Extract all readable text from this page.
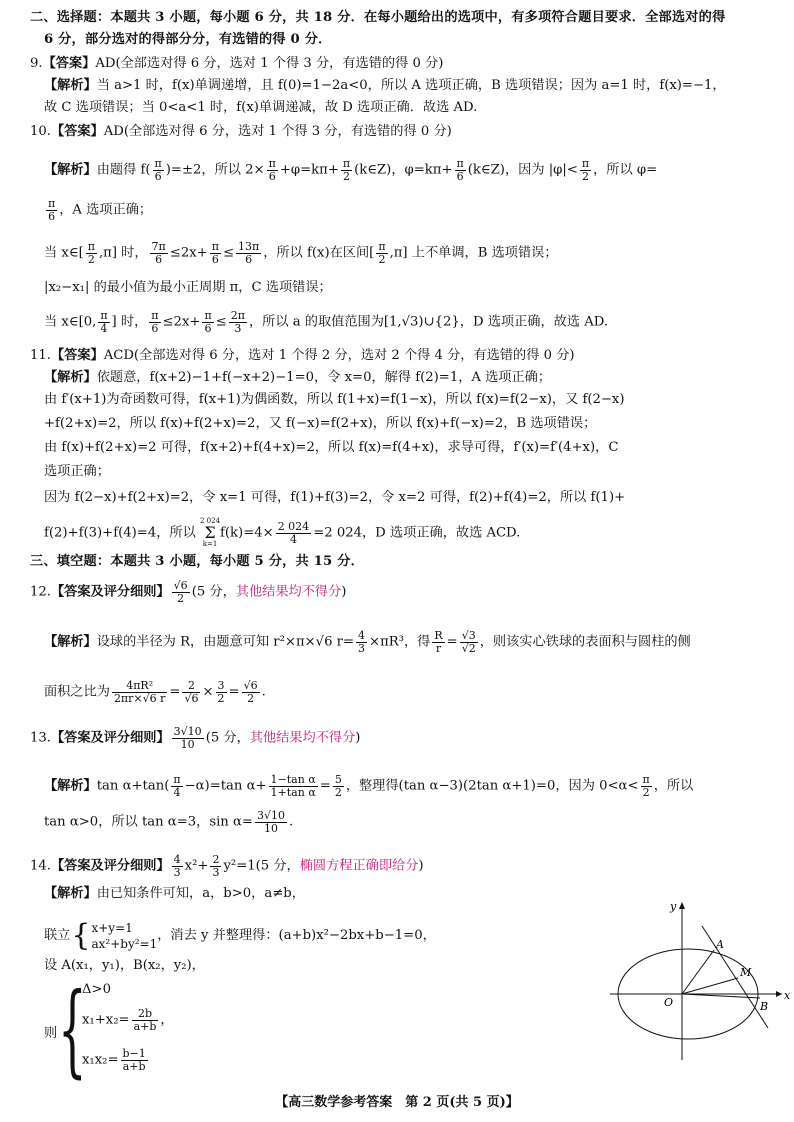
二、选择题：本题共 3 小题，每小题 6 分，共 18 分．在每小题给出的选项中，有多项符合题目要求．全部选对的得
6 分，部分选对的得部分分，有选错的得 0 分．
9.【答案】AD(全部选对得 6 分，选对 1 个得 3 分，有选错的得 0 分)
【解析】当 a>1 时，f(x)单调递增，且 f(0)=1−2a<0，所以 A 选项正确，B 选项错误；因为 a=1 时，f(x)=−1，
故 C 选项错误；当 0<a<1 时，f(x)单调递减，故 D 选项正确．故选 AD.
10.【答案】AD(全部选对得 6 分，选对 1 个得 3 分，有选错的得 0 分)
【解析】由题得 $f( \frac{\pi}{6} )=\pm 2$，所以 $2\times \frac{\pi}{6} +\varphi=k\pi+ \frac{\pi}{2}$ (k∈Z)，$\varphi=k\pi+ \frac{\pi}{6}$ (k∈Z)，因为 $|\varphi|< \frac{\pi}{2}$ ，所以 φ=
$\frac{\pi}{6}$ ，A 选项正确；
当 x∈[ $\frac{\pi}{2} ,\pi$] 时， $\frac{7\pi}{6} \le 2x+ \frac{\pi}{6} \le \frac{13\pi}{6}$ ，所以 f(x)在区间[ $\frac{\pi}{2} ,\pi$] 上不单调，B 选项错误；
|x₂−x₁| 的最小值为最小正周期 π，C 选项错误；
当 x∈[0, $\frac{\pi}{4}$ ] 时， $\frac{\pi}{6} \le 2x+ \frac{\pi}{6} \le \frac{2\pi}{3}$ ，所以 a 的取值范围为[1,√3)∪{2}，D 选项正确，故选 AD.
11.【答案】ACD(全部选对得 6 分，选对 1 个得 2 分，选对 2 个得 4 分，有选错的得 0 分)
【解析】依题意，f(x+2)−1+f(−x+2)−1=0，令 x=0，解得 f(2)=1，A 选项正确；
由 f′(x+1)为奇函数可得，f(x+1)为偶函数，所以 f(1+x)=f(1−x)，所以 f(x)=f(2−x)，又 f(2−x)
+f(2+x)=2，所以 f(x)+f(2+x)=2，又 f(−x)=f(2+x)，所以 f(x)+f(−x)=2，B 选项错误；
由 f(x)+f(2+x)=2 可得，f(x+2)+f(4+x)=2，所以 f(x)=f(4+x)，求导可得，f′(x)=f′(4+x)，C
选项正确；
因为 f(2−x)+f(2+x)=2，令 x=1 可得，f(1)+f(3)=2，令 x=2 可得，f(2)+f(4)=2，所以 f(1)+
f(2)+f(3)+f(4)=4，所以
2 024
Σ
k=1
$f(k)=4\times \frac{2 024}{4} =2$ 024，D 选项正确，故选 ACD.
三、填空题：本题共 3 小题，每小题 5 分，共 15 分．
12.【答案及评分细则】 $\frac{√6}{2} (5$ 分，其他结果均不得分)
【解析】设球的半径为 R，由题意可知 r²×π×√6 $r= \frac{4}{3} \times\pi R^3$，得 $\frac{R}{r} = \frac{√3}{√2}$ ，则该实心铁球的表面积与圆柱的侧
面积之比为 $\frac{\text{4πR²}}{2\pi r\times√6 r} = \frac{2}{√6} \times \frac{3}{2} = \frac{√6}{2}$ .
13.【答案及评分细则】 $\frac{3√10}{10} (5$ 分，其他结果均不得分)
【解析】$\tan \alpha+\tan( \frac{\pi}{4} -\alpha)=\tan$ $\alpha+ \frac{\text{1−tan α}}{\text{1+tan α}} = \frac{5}{2}$ ，整理得(tan α−3)(2tan α+1)=0，因为 $0<\alpha< \frac{\pi}{2}$ ，所以
tan α>0，所以 tan α=3，$\sin \alpha= \frac{3√10}{10}$ .
14.【答案及评分细则】 $\frac{4}{3} x^2+ \frac{2}{3} y^2=1(5$ 分，椭圆方程正确即给分)
【解析】由已知条件可知，a，b>0，a≠b，
联立{ x+y=1
ax²+by²=1
，消去 y 并整理得：(a+b)x²−2bx+b−1=0，
设 A(x₁，y₁)，B(x₂，y₂)，
则 {
Δ>0
$x_1+x_2= \frac{2b}{a+b}$ ，
$x_1x_2= \frac{b-1}{a+b}$
x
y
O
A
B
M
【高三数学参考答案　第 2 页(共 5 页)】
